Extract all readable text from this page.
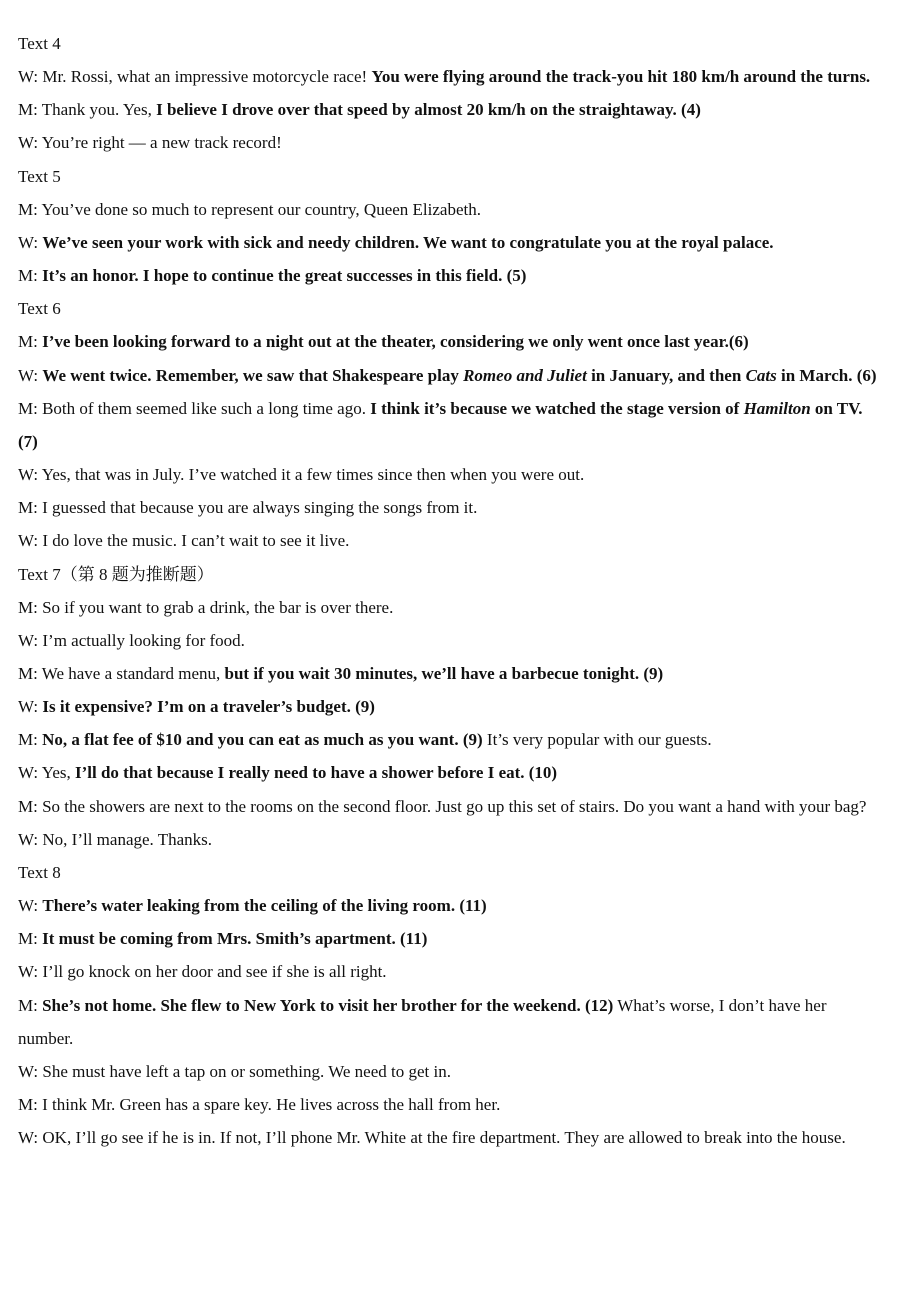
Text 4
W: Mr. Rossi, what an impressive motorcycle race! You were flying around the track-you hit 180 km/h around the turns.
M: Thank you. Yes, I believe I drove over that speed by almost 20 km/h on the straightaway. (4)
W: You’re right — a new track record!
Text 5
M: You’ve done so much to represent our country, Queen Elizabeth.
W: We’ve seen your work with sick and needy children. We want to congratulate you at the royal palace.
M: It’s an honor. I hope to continue the great successes in this field. (5)
Text 6
M: I’ve been looking forward to a night out at the theater, considering we only went once last year.(6)
W: We went twice. Remember, we saw that Shakespeare play Romeo and Juliet in January, and then Cats in March. (6)
M: Both of them seemed like such a long time ago. I think it’s because we watched the stage version of Hamilton on TV. (7)
W: Yes, that was in July. I’ve watched it a few times since then when you were out.
M: I guessed that because you are always singing the songs from it.
W: I do love the music. I can’t wait to see it live.
Text 7（第 8 题为推断题）
M: So if you want to grab a drink, the bar is over there.
W: I’m actually looking for food.
M: We have a standard menu, but if you wait 30 minutes, we’ll have a barbecue tonight. (9)
W: Is it expensive? I’m on a traveler’s budget. (9)
M: No, a flat fee of $10 and you can eat as much as you want. (9) It’s very popular with our guests.
W: Yes, I’ll do that because I really need to have a shower before I eat. (10)
M: So the showers are next to the rooms on the second floor. Just go up this set of stairs. Do you want a hand with your bag?
W: No, I’ll manage. Thanks.
Text 8
W: There’s water leaking from the ceiling of the living room. (11)
M: It must be coming from Mrs. Smith’s apartment. (11)
W: I’ll go knock on her door and see if she is all right.
M: She’s not home. She flew to New York to visit her brother for the weekend. (12) What’s worse, I don’t have her number.
W: She must have left a tap on or something. We need to get in.
M: I think Mr. Green has a spare key. He lives across the hall from her.
W: OK, I’ll go see if he is in. If not, I’ll phone Mr. White at the fire department. They are allowed to break into the house.
